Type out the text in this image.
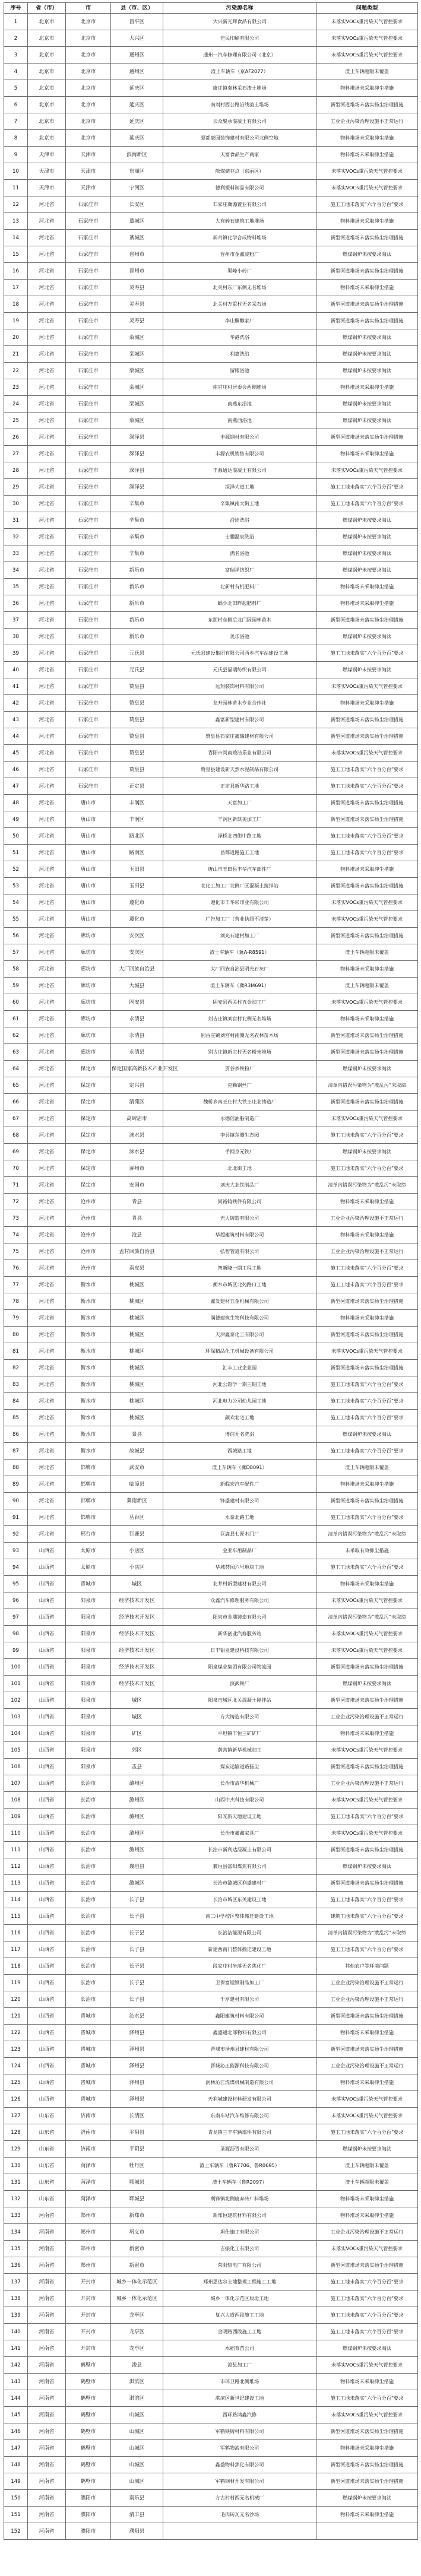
序号	省（市）	市	县（市、区）	污染源名称	问题类型
1	北京市	北京市	昌平区	大兴新光辉食品有限公司	未落实VOCs重污染天气管控要求
2	北京市	北京市	大兴区	佳民印刷有限公司	未落实VOCs重污染天气管控要求
3	北京市	北京市	通州区	通州一汽车修理有限公司（北京）	未落实VOCs重污染天气管控要求
4	北京市	北京市	通州区	渣土车辆车（京AF2077）	渣土车辆超限未覆盖
5	北京市	北京市	延庆区	康庄镇秦林采石渣土堆场	物料堆场未采取抑尘措施
6	北京市	北京市	延庆区	南刘村西公路沿线渣土堆场	新型河道堆场未落实扬尘治理措施
7	北京市	北京市	延庆区	云众聚承混凝土有限公司	工业企业污染治理设施不正常运行
8	北京市	北京市	延庆区	夏都豪园装饰建材有限公司北侧空地	物料堆场未采取抑尘措施
9	天津市	天津市	滨海新区	天富食品生产商家	物料堆场未采取抑尘措施
10	天津市	天津市	东丽区	散煤储存点（东丽区）	未落实VOCs重污染天气管控要求
11	天津市	天津市	宁河区	德利塑料制品有限公司	未落实VOCs重污染天气管控要求
12	河北省	石家庄市	长安区	石家庄冀源置业有限公司	施工工地未落实“六个百分百”要求
13	河北省	石家庄市	藁城区	大有碎石建筑工地堆场	物料堆场未采取抑尘措施
14	河北省	石家庄市	藁城区	新奇镇化学合成物料堆场	新型河道堆场未落实扬尘治理措施
15	河北省	石家庄市	晋州市	晋州市金鑫淀粉厂	燃煤锅炉未按要求淘汰
16	河北省	石家庄市	晋州市	渠峰小砖厂	新型河道堆场未落实扬尘治理措施
17	河北省	石家庄市	灵寿县	北关村东厂东侧无名堆场	物料堆场未采取抑尘措施
18	河北省	石家庄市	灵寿县	北关村万重村无名采石场	新型河道堆场未落实扬尘治理措施
19	河北省	石家庄市	灵寿县	李庄酮醇家厂	新型河道堆场未落实扬尘治理措施
20	河北省	石家庄市	栾城区	华港洗浴	燃煤锅炉未按要求淘汰
21	河北省	石家庄市	栾城区	利嘉洗浴	燃煤锅炉未按要求淘汰
22	河北省	石家庄市	栾城区	留眼浴池	燃煤锅炉未按要求淘汰
23	河北省	石家庄市	栾城区	南官庄村居委会西侧堆场	物料堆场未采取抑尘措施
24	河北省	石家庄市	栾城区	南燕东浴池	燃煤锅炉未按要求淘汰
25	河北省	石家庄市	栾城区	南燕西浴池	燃煤锅炉未按要求淘汰
26	河北省	石家庄市	深泽县	丰源钢材有限公司	新型河道堆场未落实扬尘治理措施
27	河北省	石家庄市	深泽县	丰源农机销售有限公司	物料堆场未采取抑尘措施
28	河北省	石家庄市	深泽县	丰源通达混凝土有限公司	未落实VOCs重污染天气管控要求
29	河北省	石家庄市	深泽县	深泽大道工地	施工工地未落实“六个百分百”要求
30	河北省	石家庄市	辛集市	辛集镇南大街工地	施工工地未落实“六个百分百”要求
31	河北省	石家庄市	辛集市	沿途洗浴	燃煤锅炉未按要求淘汰
32	河北省	石家庄市	辛集市	士鹏温泉洗浴	燃煤锅炉未按要求淘汰
33	河北省	石家庄市	辛集市	满名浴池	燃煤锅炉未按要求淘汰
34	河北省	石家庄市	新乐市	富瑞祥纺织厂	燃煤锅炉未按要求淘汰
35	河北省	石家庄市	新乐市	北新村有机肥料厂	物料堆场未采取抑尘措施
36	河北省	石家庄市	新乐市	蜗少北田畔起肥料厂	物料堆场未采取抑尘措施
37	河北省	石家庄市	新乐市	东朋村东侧后龙门因园林苗木	新型河道堆场未落实扬尘治理措施
38	河北省	石家庄市	新乐市	美乐浴池	燃煤锅炉未按要求淘汰
39	河北省	石家庄市	元氏县	元氏县建设集团有限公司西乡汽车站建设工地	施工工地未落实“六个百分百”要求
40	河北省	石家庄市	元氏县	元氏县福瑞纺织有限公司	燃煤锅炉未按要求淘汰
41	河北省	石家庄市	赞皇县	远翔装饰材料有限公司	未落实VOCs重污染天气管控要求
42	河北省	石家庄市	赞皇县	龙升园林苗木专业合作社	物料堆场未采取抑尘措施
43	河北省	石家庄市	赞皇县	鑫富新型建材有限公司	新型河道堆场未落实扬尘治理措施
44	河北省	石家庄市	赞皇县	赞皇县石家庄鑫瑞建材有限公司	新型河道堆场未落实扬尘治理措施
45	河北省	石家庄市	赞皇县	青阳市尚南竣洁乐业有限公司	未落实VOCs重污染天气管控要求
46	河北省	石家庄市	赞皇县	赞皇县建设新天然水泥制品有限公司	施工工地未落实“六个百分百”要求
47	河北省	石家庄市	正定县	正定县新华路工地	施工工地未落实“六个百分百”要求
48	河北省	唐山市	丰润区	天富加工厂	新型河道堆场未落实扬尘治理措施
49	河北省	唐山市	丰润区	丰润区新凯美加工厂	新型河道堆场未落实扬尘治理措施
50	河北省	唐山市	路北区	泽桥北四街中路工地	施工工地未落实“六个百分百”要求
51	河北省	唐山市	路南区	昌都道路施工工地	施工工地未落实“六个百分百”要求
52	河北省	唐山市	玉田县	唐山市玉田县丰华汽车部件厂	物料堆场未采取抑尘措施
53	河北省	唐山市	玉田县	北化工加工厂北侧厂区混凝土搅拌站	新型河道堆场未落实扬尘治理措施
54	河北省	唐山市	遵化市	遵化市丰华彩印业有限公司	未落实VOCs重污染天气管控要求
55	河北省	唐山市	遵化市	广告加工厂（营业执照不清楚）	未落实VOCs重污染天气管控要求
56	河北省	廊坊市	安次区	刘光石建材加工厂	新型河道堆场未落实扬尘治理措施
57	河北省	廊坊市	安次区	渣土车辆车（冀A-R8591）	渣土车辆超限未覆盖
58	河北省	廊坊市	大厂回族自治县	大厂回族自治县明光石灰厂	物料堆场未采取抑尘措施
59	河北省	廊坊市	大城县	渣土车辆车（冀R3M691）	渣土车辆超限未覆盖
60	河北省	廊坊市	固安县	固安县西关村五金加工厂	未落实VOCs重污染天气管控要求
61	河北省	廊坊市	永清县	刘吉庄镇刘宫村北侧无名堆场	物料堆场未采取抑尘措施
62	河北省	廊坊市	永清县	别古庄镇刘宫村南侧无名农林苗木场	新型河道堆场未落实扬尘治理措施
63	河北省	廊坊市	永清县	别古庄镇新庄村无名粉末堆场	新型河道堆场未落实扬尘治理措施
64	河北省	保定市	保定国家高新技术产业开发区	贾谷乡铁粉厂	燃煤锅炉未按要求淘汰
65	河北省	保定市	定兴县	克勤钢丝厂	清单内错误污染物为“散乱污”未取缔
66	河北省	保定市	清苑区	魏桥乡南王庄村大铁王庄北铸造厂	新型河道堆场未落实扬尘治理措施
67	河北省	保定市	高碑店市	永德信油脂制造厂	未落实VOCs重污染天气管控要求
68	河北省	保定市	涞水县	李县镇东侧生态园	施工工地未落实“六个百分百”要求
69	河北省	保定市	涞水县	手网京元铁厂	燃煤锅炉未按要求淘汰
70	河北省	保定市	涿州市	北北街工地	施工工地未落实“六个百分百”要求
71	河北省	保定市	安国市	刘庆大北铁制品厂	清单内错误污染物为“散乱污”未取缔
72	河北省	沧州市	青县	同裕铸铁件有限公司	物料堆场未采取抑尘措施
73	河北省	沧州市	青县	光大铸造有限公司	工业企业污染治理设施不正常运行
74	河北省	沧州市	沧县	华超建筑材料有限公司	物料堆场未采取抑尘措施
75	河北省	沧州市	孟村回族自治县	弘智管道有限公司	工业企业污染治理设施不正常运行
76	河北省	沧州市	南皮县	智新隆一期工程工地	施工工地未落实“六个百分百”要求
77	河北省	衡水市	桃城区	衡水市城区北苑路口工地	施工工地未落实“六个百分百”要求
78	河北省	衡水市	桃城区	鑫发建材五金机械有限公司	新型河道堆场未落实扬尘治理措施
79	河北省	衡水市	桃城区	润德建筑生物科技有限公司	物料堆场未采取抑尘措施
80	河北省	衡水市	桃城区	天津鑫泰化工有限公司	新型河道堆场未落实扬尘治理措施
81	河北省	衡水市	桃城区	环保精品化工机械设备有限公司	未落实VOCs重污染天气管控要求
82	河北省	衡水市	桃城区	汇丰工业企业园	新型河道堆场未落实扬尘治理措施
83	河北省	衡水市	桃城区	河北公馆学一期三期工地	施工工地未落实“六个百分百”要求
84	河北省	衡水市	桃城区	河北电力公司幼儿园工地	施工工地未落实“六个百分百”要求
85	河北省	衡水市	桃城区	颜欢北宅工地	施工工地未落实“六个百分百”要求
86	河北省	衡水市	景县	博信无名洗浴	燃煤锅炉未按要求淘汰
87	河北省	衡水市	故城县	西城路工地	施工工地未落实“六个百分百”要求
88	河北省	邯郸市	武安市	渣土车辆车（冀D8091）	渣土车辆超限未覆盖
89	河北省	邯郸市	临漳县	新临宏汽车配件厂	物料堆场未采取抑尘措施
90	河北省	邯郸市	冀南新区	锋盛建材有限公司	新型河道堆场未落实扬尘治理措施
91	河北省	邯郸市	丛台区	永泰北路工地	施工工地未落实“六个百分百”要求
92	河北省	邢台市	巨鹿县	巨鹿县七匠木门厂	清单内错误污染物为“散乱污”未取缔
93	山西省	太原市	小店区	金亚车用制品厂	未采取有效抑尘措施
94	山西省	太原市	小店区	华城荟园六号地块工地	施工工地未落实“六个百分百”要求
95	山西省	晋城市	城区	北井村新型建材有限公司	物料堆场未采取抑尘措施
96	山西省	阳泉市	经济技术开发区	众鑫汽车修理服务有限公司	未落实VOCs重污染天气管控要求
97	山西省	阳泉市	经济技术开发区	阳泉市金鼎铸造有限公司	清单内错误污染物为“散乱污”未取缔
98	山西省	阳泉市	经济技术开发区	新华创业汽修服务站	未落实VOCs重污染天气管控要求
99	山西省	阳泉市	经济技术开发区	日丰铝业建设科技有限公司	未落实VOCs重污染天气管控要求
100	山西省	阳泉市	经济技术开发区	阳泉煤业集团有限公司物流园	新型河道堆场未落实扬尘治理措施
101	山西省	阳泉市	经济技术开发区	演武铁厂	燃煤锅炉未按要求淘汰
102	山西省	阳泉市	城区	阳泉市城区北关混凝土搅拌站	新型河道堆场未落实扬尘治理措施
103	山西省	阳泉市	城区	方大铸造有限公司	工业企业污染治理设施不正常运行
104	山西省	阳泉市	矿区	平坦镇丰恒三矿矿厂	物料堆场未采取抑尘措施
105	山西省	阳泉市	郊区	荫营镇新华机械加工	未落实VOCs重污染天气管控要求
106	山西省	阳泉市	盂县	煤炭运输道路扬尘	新型河道堆场未落实扬尘治理措施
107	山西省	长治市	潞州区	长治市清华机械厂	工业企业污染治理设施不正常运行
108	山西省	长治市	潞州区	山西中杰科技有限公司	未落实VOCs重污染天气管控要求
109	山西省	长治市	潞州区	阳光新天地建设工地	施工工地未落实“六个百分百”要求
110	山西省	长治市	潞州区	长治市鑫鑫家具厂	未落实VOCs重污染天气管控要求
111	山西省	长治市	潞州区	长治市新利达混凝土有限公司	新型河道堆场未落实扬尘治理措施
112	山西省	长治市	襄垣县	襄垣县富阳煤焦有限公司	燃煤锅炉未按要求淘汰
113	山西省	长治市	潞城区	长治市潞城区利盛建材厂	新型河道堆场未落实扬尘治理措施
114	山西省	长治市	长子县	长治市城区东关建设工地	施工工地未落实“六个百分百”要求
115	山西省	长治市	长子县	南二中学校区整体搬迁建设工地	建筑工地未落实“六个百分百”要求
116	山西省	长治市	长子县	长治洁能源有限公司	清单内错误污染物为“散乱污”未取缔
117	山西省	长治市	长子县	新建西南门整体搬迁建设工地	施工工地未落实“六个百分百”要求
118	山西省	长治市	长子县	段家庄村坐落无名焦化厂	其他农户等环境问题
119	山西省	长治市	长子县	卫保富锰钢制品加工厂	工业企业污染治理设施不正常运行
120	山西省	长治市	长子县	千厚建材有限公司	工业企业污染治理设施不正常运行
121	山西省	晋城市	沁水县	鑫阳建筑材料有限公司	新型河道堆场未落实扬尘治理措施
122	山西省	晋城市	泽州县	鑫盛通北部物料有限公司	物料堆场未采取抑尘措施
123	山西省	晋城市	泽州县	晋城市泽州县建材有限公司	新型河道堆场未落实扬尘治理措施
124	山西省	晋城市	泽州县	晋城沁正能源科技有限公司	工业企业污染治理设施不正常运行
125	山西省	晋城市	泽州县	润林沁江洗煤机械制造有限公司	物料堆场未采取抑尘措施
126	山西省	晋城市	泽州县	天利城建设材料研发有限公司	未落实VOCs重污染天气管控要求
127	山东省	济南市	长清区	东南车站汽车维修有限公司	未落实VOCs重污染天气管控要求
128	山东省	济南市	平阴县	青龙镇三丰车辆部件有限公司	施工工地未落实“六个百分百”要求
129	山东省	济南市	平阴县	圣源沥青有限公司	燃煤锅炉未按要求淘汰
130	山东省	菏泽市	牡丹区	渣土车辆车（鲁R7706、鲁R0695）	渣土车辆超限未覆盖
131	山东省	菏泽市	郓城县	渣土车辆车（鲁R2097）	渣土车辆超限未覆盖
132	山东省	菏泽市	郓城县	利锋镇北侧废弃砖厂料堆场	物料堆场未采取抑尘措施
133	河南省	郑州市	新郑市	新郑恒建筑材料有限公司	物料堆场未采取抑尘措施
134	河南省	郑州市	巩义市	坦仕施工有限公司	工业企业污染治理设施不正常运行
135	河南省	郑州市	新密市	吉振化工有限公司	未落实VOCs重污染天气管控要求
136	河南省	郑州市	新密市	荣阳热电厂有限公司	新型河道堆场未落实扬尘治理措施
137	河南省	开封市	城乡一体化示范区	郑州思达尔土地整理工程施工工地	施工工地未落实“六个百分百”要求
138	河南省	开封市	城乡一体化示范区	城乡一体化示范区辰北工地	施工工地未落实“六个百分百”要求
139	河南省	开封市	龙亭区	复兴大道西段施工工地	施工工地未落实“六个百分百”要求
140	河南省	开封市	龙亭区	金明路西段施工工地	施工工地未落实“六个百分百”要求
141	河南省	开封市	龙亭区	水稻育苗公司	燃煤锅炉未按要求淘汰
142	河南省	鹤壁市	浚县	浚县加工厂	未落实VOCs重污染天气管控要求
143	河南省	鹤壁市	淇滨区	市环卫路北侧堆场	物料堆场未采取抑尘措施
144	河南省	鹤壁市	淇滨区	淇滨区新世纪建设工地	施工工地未落实“六个百分百”要求
145	河南省	鹤壁市	山城区	西环路鸿鑫汽修	未落实VOCs重污染天气管控要求
146	河南省	鹤壁市	山城区	军鹤铁铸材料有限公司	新型河道堆场未落实扬尘治理措施
147	河南省	鹤壁市	山城区	军鹤物流有限公司	物料堆场未采取抑尘措施
148	河南省	鹤壁市	山城区	鑫盛物料焦化有限公司	新型河道堆场未落实扬尘治理措施
149	河南省	鹤壁市	山城区	军鹤钢材开发有限公司	新型河道堆场未落实扬尘治理措施
150	河南省	濮阳市	南乐县	方古村村西无名机械厂	燃煤锅炉未按要求淘汰
151	河南省	濮阳市	清丰县	毛肉砖瓦无名沙场	物料堆场未采取抑尘措施
152	河南省	濮阳市	濮阳县		
